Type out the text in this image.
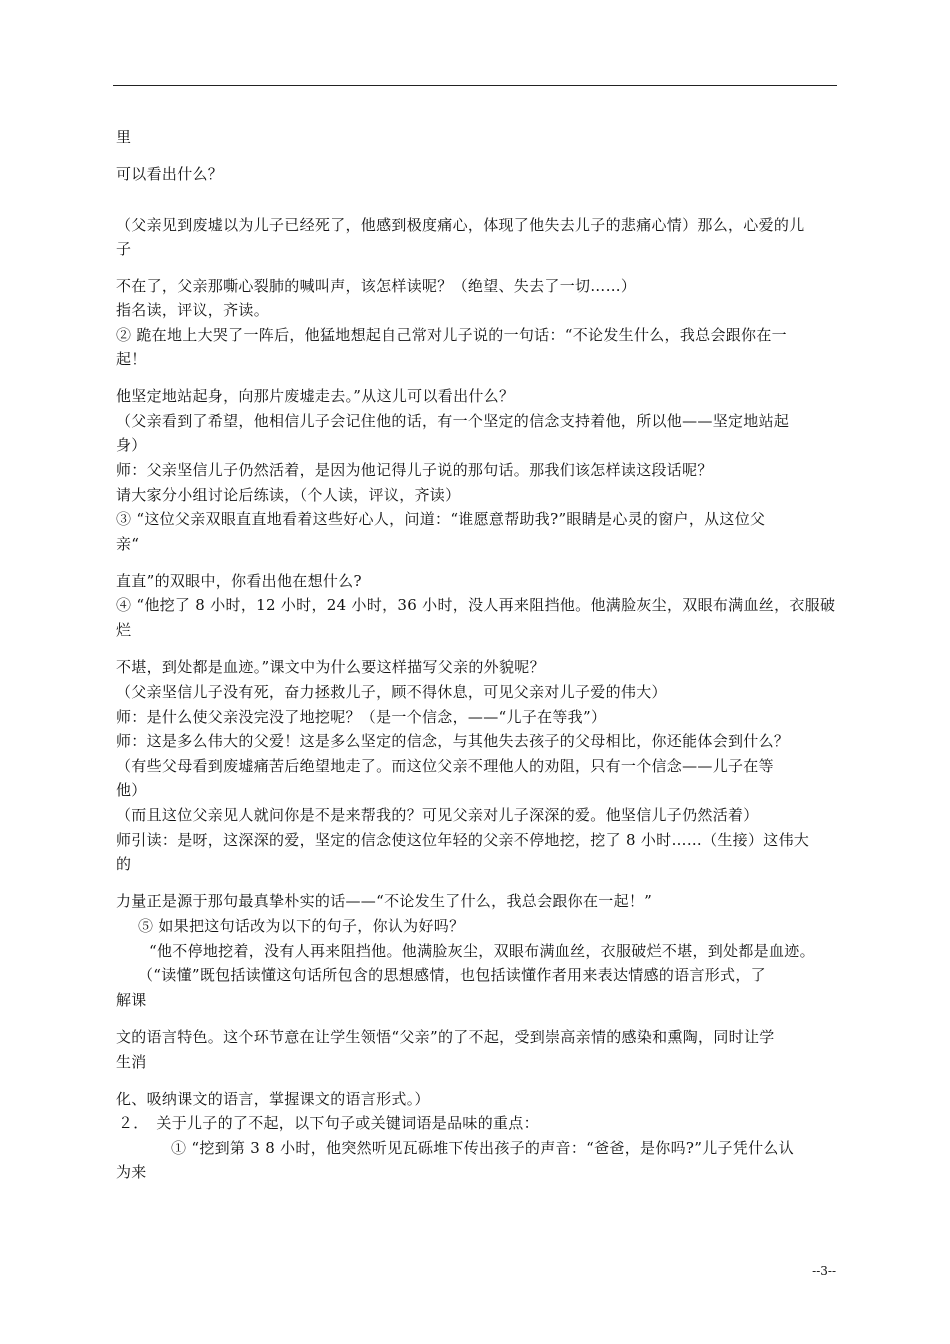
里
可以看出什么？
（父亲见到废墟以为儿子已经死了，他感到极度痛心，体现了他失去儿子的悲痛心情）那么，心爱的儿
子
不在了，父亲那嘶心裂肺的喊叫声，该怎样读呢？（绝望、失去了一切……）
指名读，评议，齐读。
② 跪在地上大哭了一阵后，他猛地想起自己常对儿子说的一句话：“不论发生什么，我总会跟你在一
起！
他坚定地站起身，向那片废墟走去。”从这儿可以看出什么？
（父亲看到了希望，他相信儿子会记住他的话，有一个坚定的信念支持着他，所以他——坚定地站起
身）
师：父亲坚信儿子仍然活着，是因为他记得儿子说的那句话。那我们该怎样读这段话呢？
请大家分小组讨论后练读，（个人读，评议，齐读）
③ “这位父亲双眼直直地看着这些好心人，问道：“谁愿意帮助我?”眼睛是心灵的窗户，从这位父
亲“
直直”的双眼中，你看出他在想什么?
④ “他挖了 8 小时，12 小时，24 小时，36 小时，没人再来阻挡他。他满脸灰尘，双眼布满血丝，衣服破
烂
不堪，到处都是血迹。”课文中为什么要这样描写父亲的外貌呢？
（父亲坚信儿子没有死，奋力拯救儿子，顾不得休息，可见父亲对儿子爱的伟大）
师：是什么使父亲没完没了地挖呢？（是一个信念，——“儿子在等我”）
师：这是多么伟大的父爱！这是多么坚定的信念，与其他失去孩子的父母相比，你还能体会到什么？
（有些父母看到废墟痛苦后绝望地走了。而这位父亲不理他人的劝阻，只有一个信念——儿子在等
他）
（而且这位父亲见人就问你是不是来帮我的？可见父亲对儿子深深的爱。他坚信儿子仍然活着）
师引读：是呀，这深深的爱，坚定的信念使这位年轻的父亲不停地挖，挖了 8 小时……（生接）这伟大
的
力量正是源于那句最真挚朴实的话——“不论发生了什么，我总会跟你在一起！”
⑤ 如果把这句话改为以下的句子，你认为好吗？
“他不停地挖着，没有人再来阻挡他。他满脸灰尘，双眼布满血丝，衣服破烂不堪，到处都是血迹。
（“读懂”既包括读懂这句话所包含的思想感情，也包括读懂作者用来表达情感的语言形式，了
解课
文的语言特色。这个环节意在让学生领悟“父亲”的了不起，受到崇高亲情的感染和熏陶，同时让学
生消
化、吸纳课文的语言，掌握课文的语言形式。）
２．　关于儿子的了不起，以下句子或关键词语是品味的重点：
① “挖到第 3 8 小时，他突然听见瓦砾堆下传出孩子的声音：“爸爸，是你吗?”儿子凭什么认
为来
--3--
